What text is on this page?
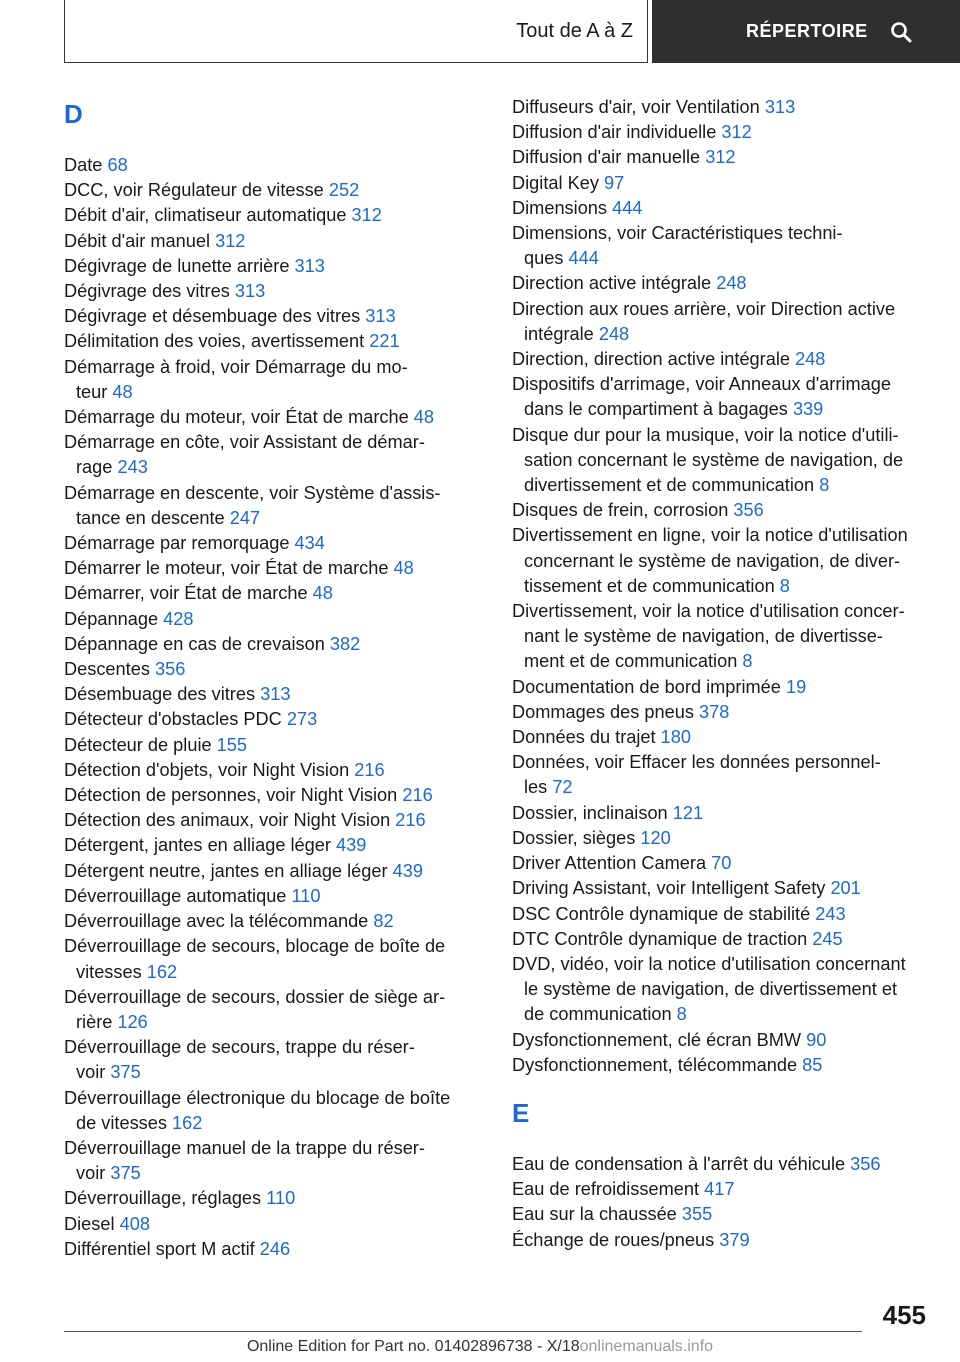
Tout de A à Z	RÉPERTOIRE
D
Date 68
DCC, voir Régulateur de vitesse 252
Débit d'air, climatiseur automatique 312
Débit d'air manuel 312
Dégivrage de lunette arrière 313
Dégivrage des vitres 313
Dégivrage et désembuage des vitres 313
Délimitation des voies, avertissement 221
Démarrage à froid, voir Démarrage du mo-
teur 48
Démarrage du moteur, voir État de marche 48
Démarrage en côte, voir Assistant de démar-
rage 243
Démarrage en descente, voir Système d'assis-
tance en descente 247
Démarrage par remorquage 434
Démarrer le moteur, voir État de marche 48
Démarrer, voir État de marche 48
Dépannage 428
Dépannage en cas de crevaison 382
Descentes 356
Désembuage des vitres 313
Détecteur d'obstacles PDC 273
Détecteur de pluie 155
Détection d'objets, voir Night Vision 216
Détection de personnes, voir Night Vision 216
Détection des animaux, voir Night Vision 216
Détergent, jantes en alliage léger 439
Détergent neutre, jantes en alliage léger 439
Déverrouillage automatique 110
Déverrouillage avec la télécommande 82
Déverrouillage de secours, blocage de boîte de
vitesses 162
Déverrouillage de secours, dossier de siège ar-
rière 126
Déverrouillage de secours, trappe du réser-
voir 375
Déverrouillage électronique du blocage de boîte
de vitesses 162
Déverrouillage manuel de la trappe du réser-
voir 375
Déverrouillage, réglages 110
Diesel 408
Différentiel sport M actif 246
Diffuseurs d'air, voir Ventilation 313
Diffusion d'air individuelle 312
Diffusion d'air manuelle 312
Digital Key 97
Dimensions 444
Dimensions, voir Caractéristiques techni-
ques 444
Direction active intégrale 248
Direction aux roues arrière, voir Direction active
intégrale 248
Direction, direction active intégrale 248
Dispositifs d'arrimage, voir Anneaux d'arrimage
dans le compartiment à bagages 339
Disque dur pour la musique, voir la notice d'utili-
sation concernant le système de navigation, de
divertissement et de communication 8
Disques de frein, corrosion 356
Divertissement en ligne, voir la notice d'utilisation
concernant le système de navigation, de diver-
tissement et de communication 8
Divertissement, voir la notice d'utilisation concer-
nant le système de navigation, de divertisse-
ment et de communication 8
Documentation de bord imprimée 19
Dommages des pneus 378
Données du trajet 180
Données, voir Effacer les données personnel-
les 72
Dossier, inclinaison 121
Dossier, sièges 120
Driver Attention Camera 70
Driving Assistant, voir Intelligent Safety 201
DSC Contrôle dynamique de stabilité 243
DTC Contrôle dynamique de traction 245
DVD, vidéo, voir la notice d'utilisation concernant
le système de navigation, de divertissement et
de communication 8
Dysfonctionnement, clé écran BMW 90
Dysfonctionnement, télécommande 85
E
Eau de condensation à l'arrêt du véhicule 356
Eau de refroidissement 417
Eau sur la chaussée 355
Échange de roues/pneus 379
455
Online Edition for Part no. 01402896738 - X/18onlinemanuals.info
